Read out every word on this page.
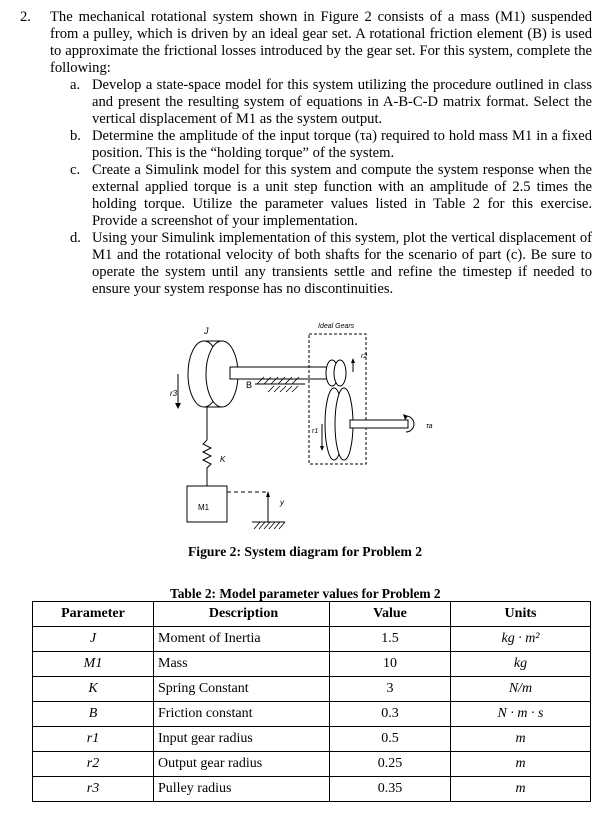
2. The mechanical rotational system shown in Figure 2 consists of a mass (M1) suspended from a pulley, which is driven by an ideal gear set. A rotational friction element (B) is used to approximate the frictional losses introduced by the gear set. For this system, complete the following:
a. Develop a state-space model for this system utilizing the procedure outlined in class and present the resulting system of equations in A-B-C-D matrix format. Select the vertical displacement of M1 as the system output.
b. Determine the amplitude of the input torque (τa) required to hold mass M1 in a fixed position. This is the “holding torque” of the system.
c. Create a Simulink model for this system and compute the system response when the external applied torque is a unit step function with an amplitude of 2.5 times the holding torque. Utilize the parameter values listed in Table 2 for this exercise. Provide a screenshot of your implementation.
d. Using your Simulink implementation of this system, plot the vertical displacement of M1 and the rotational velocity of both shafts for the scenario of part (c). Be sure to operate the system until any transients settle and refine the timestep if needed to ensure your system response has no discontinuities.
J
r3
B
Ideal Gears
r2
r1
τa
K
M1
y
Figure 2: System diagram for Problem 2
Table 2: Model parameter values for Problem 2
Parameter	Description	Value	Units
J	Moment of Inertia	1.5	kg · m²
M1	Mass	10	kg
K	Spring Constant	3	N/m
B	Friction constant	0.3	N · m · s
r1	Input gear radius	0.5	m
r2	Output gear radius	0.25	m
r3	Pulley radius	0.35	m
